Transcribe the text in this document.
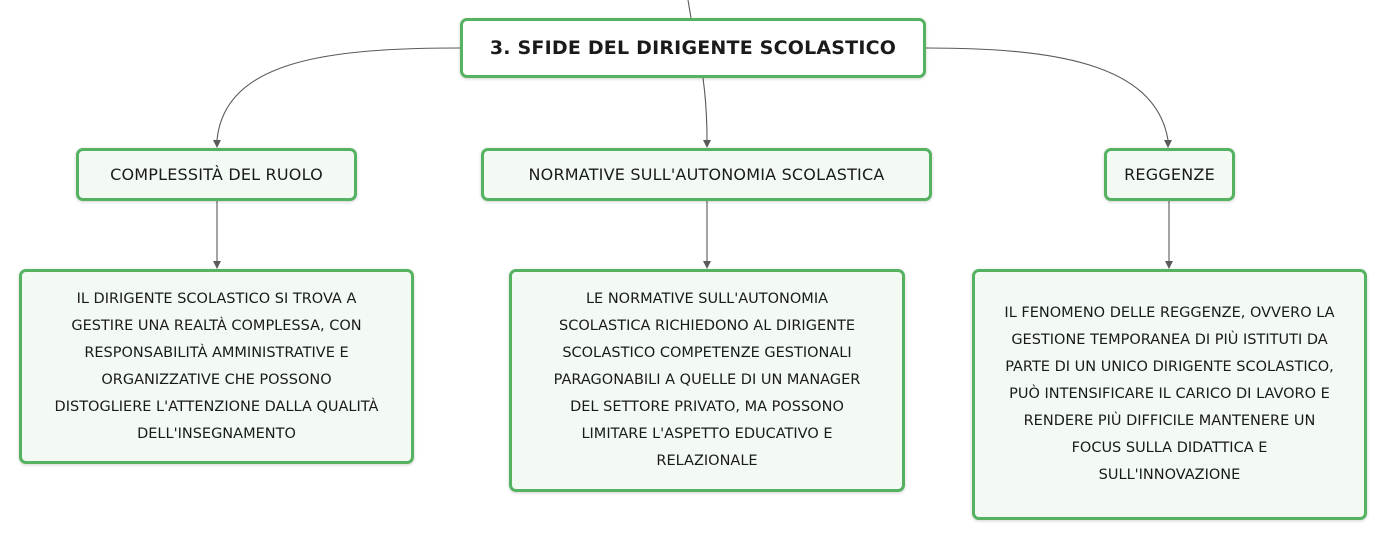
3. SFIDE DEL DIRIGENTE SCOLASTICO
COMPLESSITÀ DEL RUOLO	NORMATIVE SULL'AUTONOMIA SCOLASTICA	REGGENZE
IL DIRIGENTE SCOLASTICO SI TROVA A
GESTIRE UNA REALTÀ COMPLESSA, CON
RESPONSABILITÀ AMMINISTRATIVE E
ORGANIZZATIVE CHE POSSONO
DISTOGLIERE L'ATTENZIONE DALLA QUALITÀ
DELL'INSEGNAMENTO
LE NORMATIVE SULL'AUTONOMIA
SCOLASTICA RICHIEDONO AL DIRIGENTE
SCOLASTICO COMPETENZE GESTIONALI
PARAGONABILI A QUELLE DI UN MANAGER
DEL SETTORE PRIVATO, MA POSSONO
LIMITARE L'ASPETTO EDUCATIVO E
RELAZIONALE
IL FENOMENO DELLE REGGENZE, OVVERO LA
GESTIONE TEMPORANEA DI PIÙ ISTITUTI DA
PARTE DI UN UNICO DIRIGENTE SCOLASTICO,
PUÒ INTENSIFICARE IL CARICO DI LAVORO E
RENDERE PIÙ DIFFICILE MANTENERE UN
FOCUS SULLA DIDATTICA E
SULL'INNOVAZIONE
